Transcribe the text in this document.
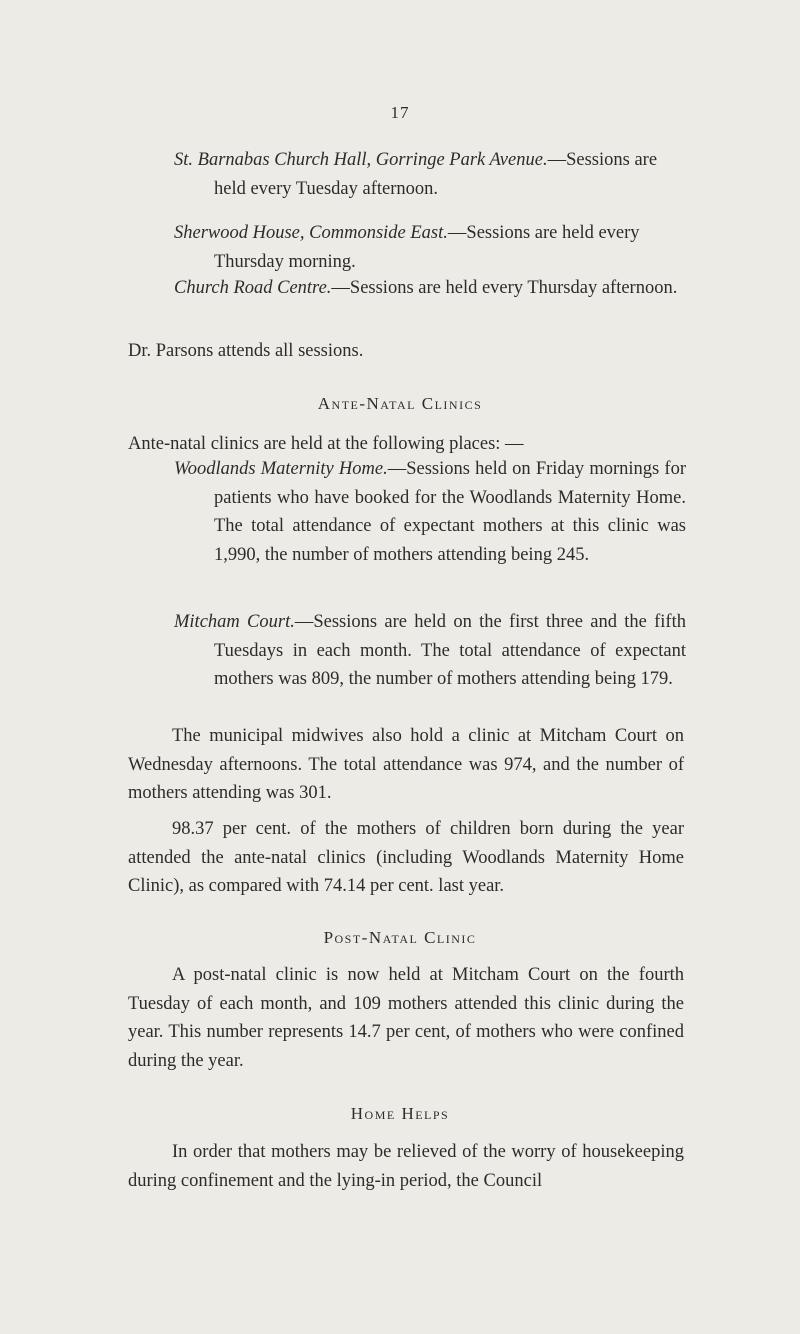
17
St. Barnabas Church Hall, Gorringe Park Avenue.—Sessions are held every Tuesday afternoon.
Sherwood House, Commonside East.—Sessions are held every Thursday morning.
Church Road Centre.—Sessions are held every Thursday afternoon.
Dr. Parsons attends all sessions.
Ante-Natal Clinics
Ante-natal clinics are held at the following places: —
Woodlands Maternity Home.—Sessions held on Friday mornings for patients who have booked for the Woodlands Maternity Home. The total attendance of expectant mothers at this clinic was 1,990, the number of mothers attending being 245.
Mitcham Court.—Sessions are held on the first three and the fifth Tuesdays in each month. The total attendance of expectant mothers was 809, the number of mothers attending being 179.
The municipal midwives also hold a clinic at Mitcham Court on Wednesday afternoons. The total attendance was 974, and the number of mothers attending was 301.
98.37 per cent. of the mothers of children born during the year attended the ante-natal clinics (including Woodlands Maternity Home Clinic), as compared with 74.14 per cent. last year.
Post-Natal Clinic
A post-natal clinic is now held at Mitcham Court on the fourth Tuesday of each month, and 109 mothers attended this clinic during the year. This number represents 14.7 per cent, of mothers who were confined during the year.
Home Helps
In order that mothers may be relieved of the worry of housekeeping during confinement and the lying-in period, the Council
